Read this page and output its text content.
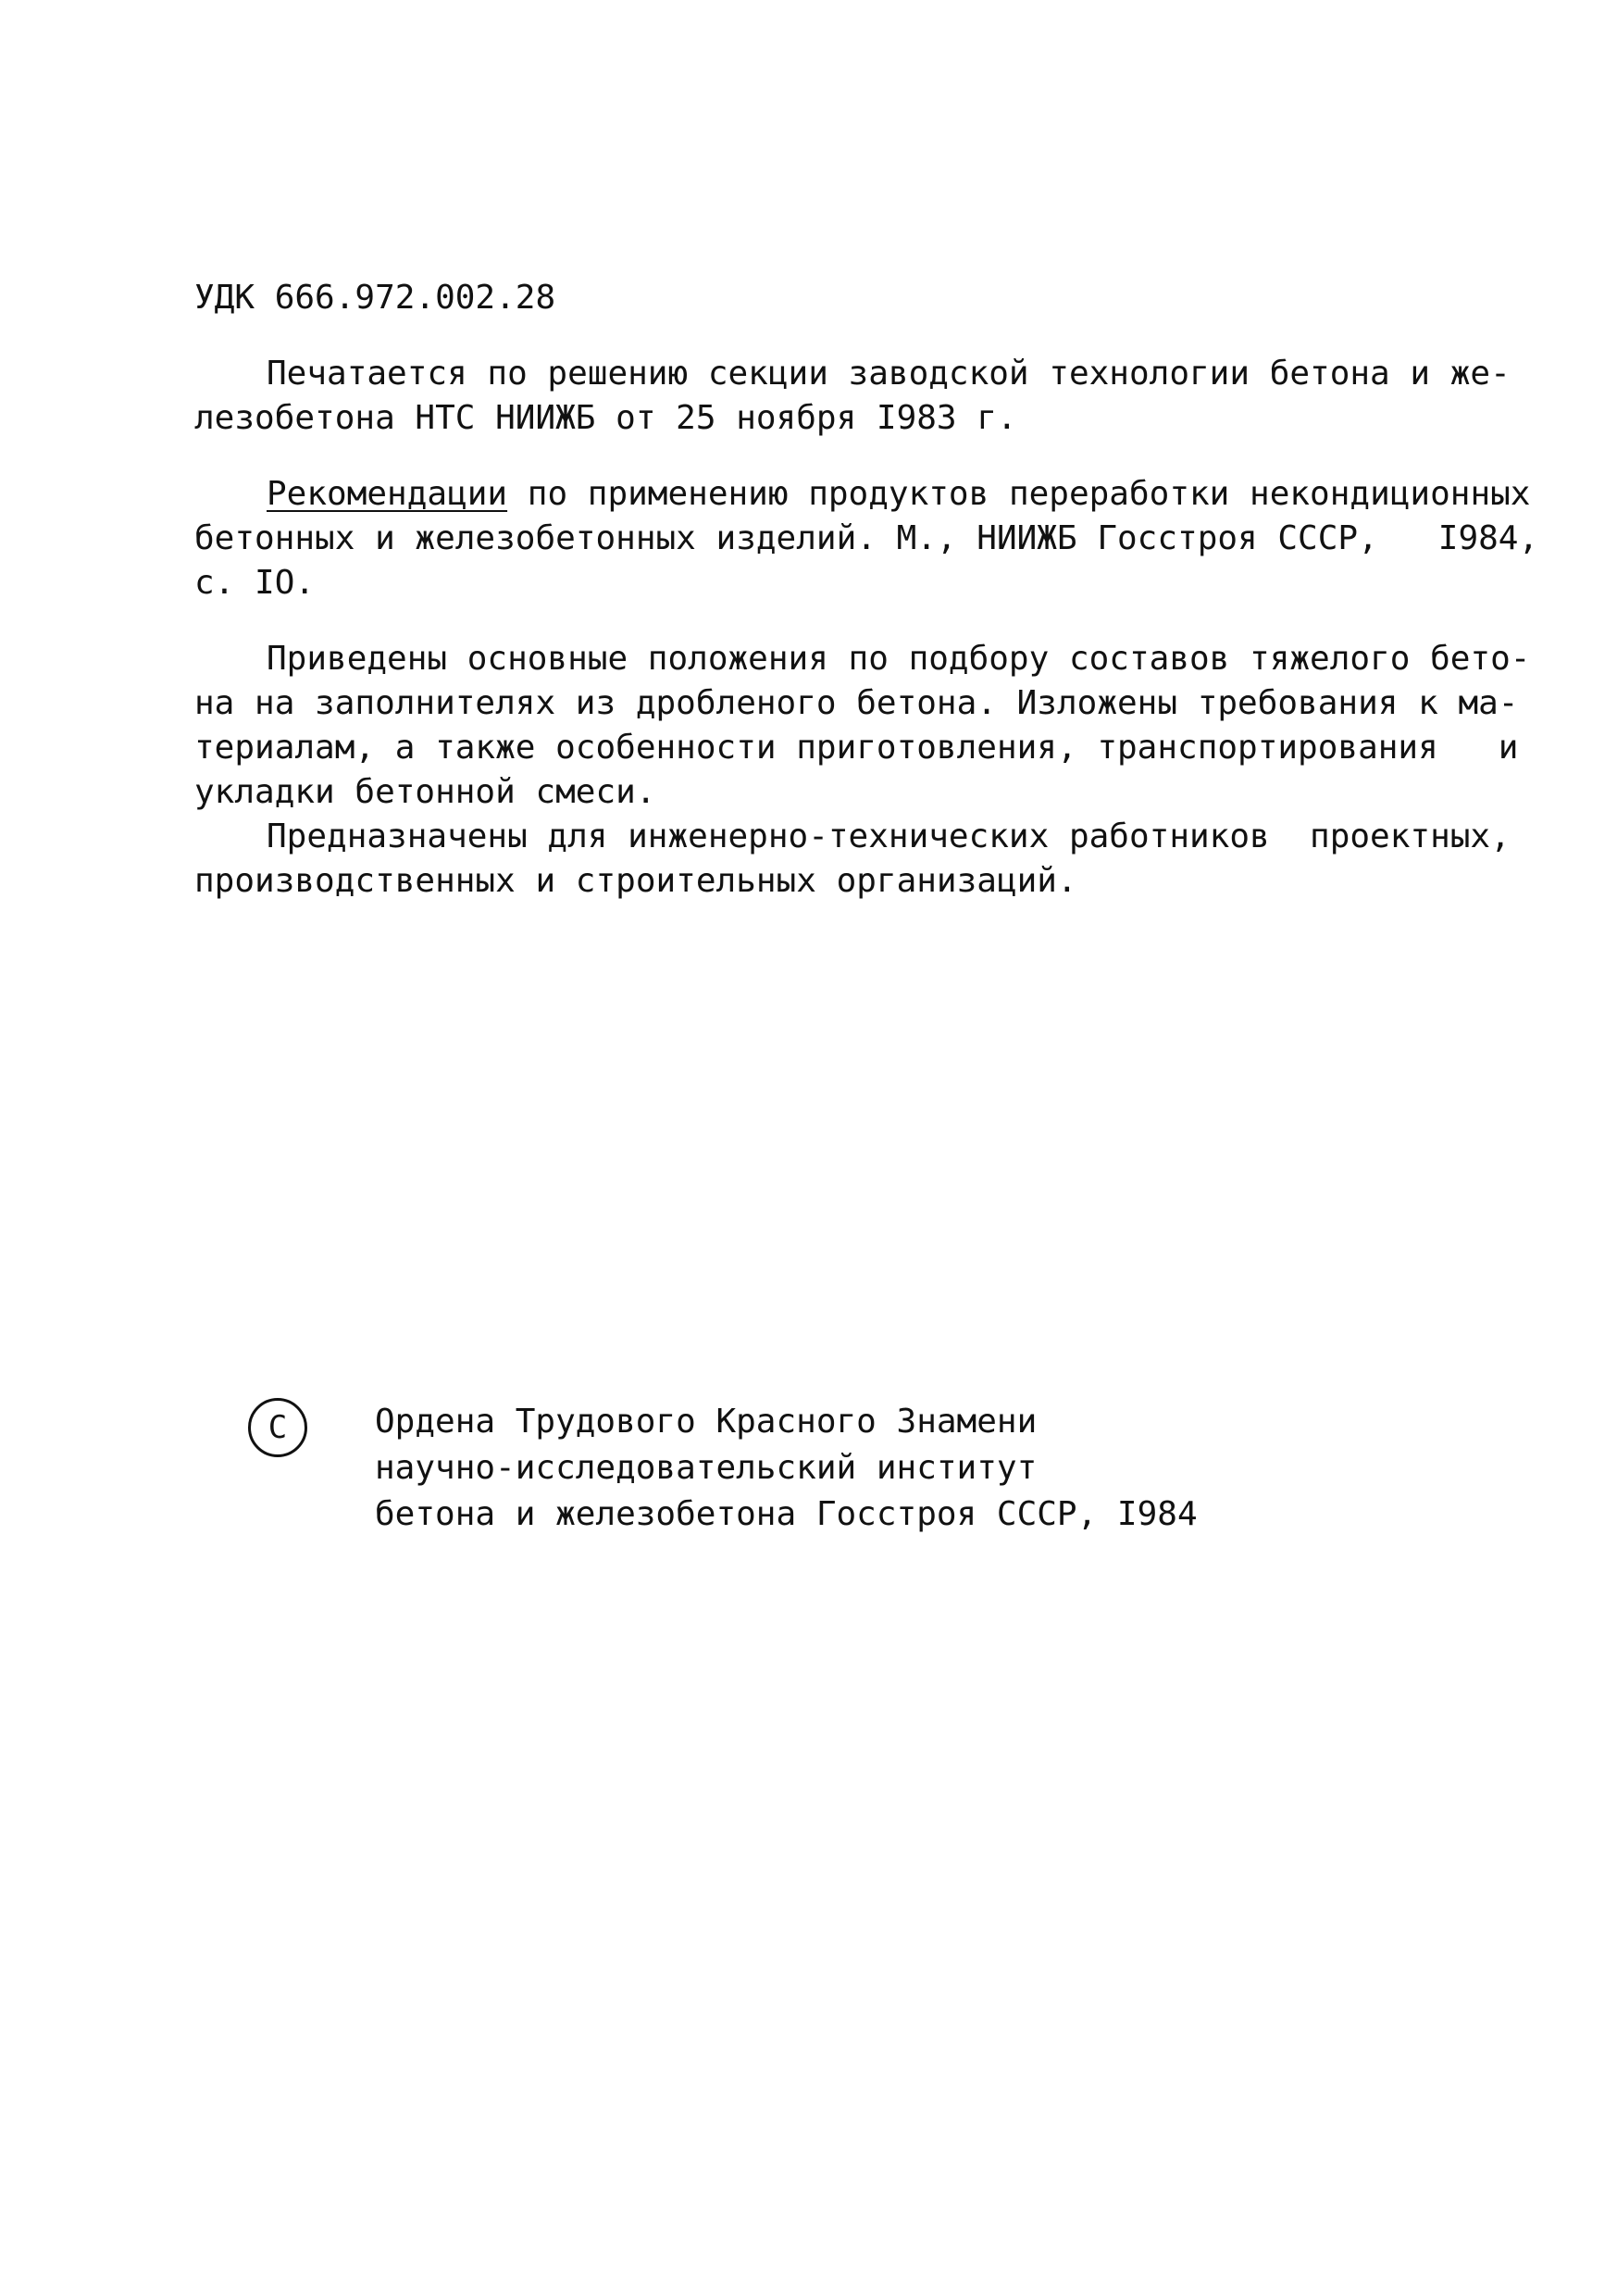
УДК 666.972.002.28
Печатается по решению секции заводской технологии бетона и же-
лезобетона НТС НИИЖБ от 25 ноября I983 г.
Рекомендации по применению продуктов переработки некондиционных
бетонных и железобетонных изделий. М., НИИЖБ Госстроя СССР,   I984,
с. IO.
Приведены основные положения по подбору составов тяжелого бето-
на на заполнителях из дробленого бетона. Изложены требования к ма-
териалам, а также особенности приготовления, транспортирования   и
укладки бетонной смеси.
Предназначены для инженерно-технических работников  проектных,
производственных и строительных организаций.
С	Ордена Трудового Красного Знамени
научно-исследовательский институт
бетона и железобетона Госстроя СССР, I984
